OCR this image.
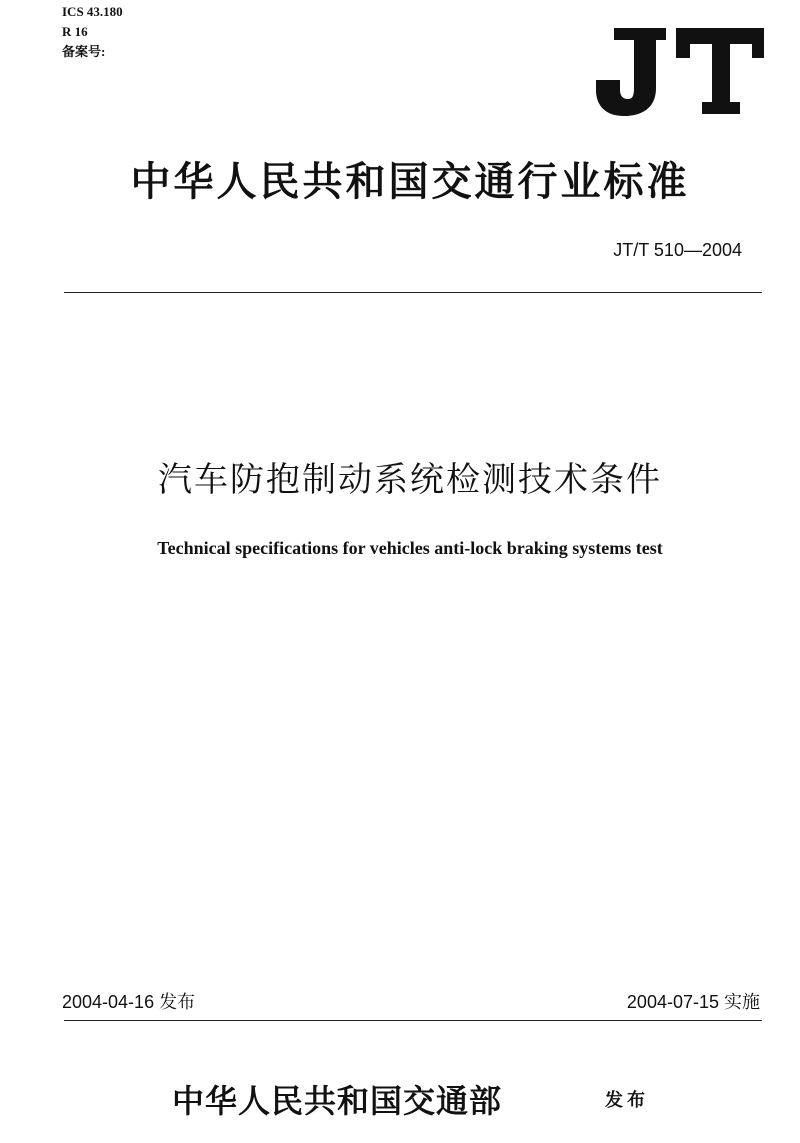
ICS 43.180
R 16
备案号:
中华人民共和国交通行业标准
JT/T 510—2004
汽车防抱制动系统检测技术条件
Technical specifications for vehicles anti-lock braking systems test
2004-04-16 发布	2004-07-15 实施
中华人民共和国交通部	发布
